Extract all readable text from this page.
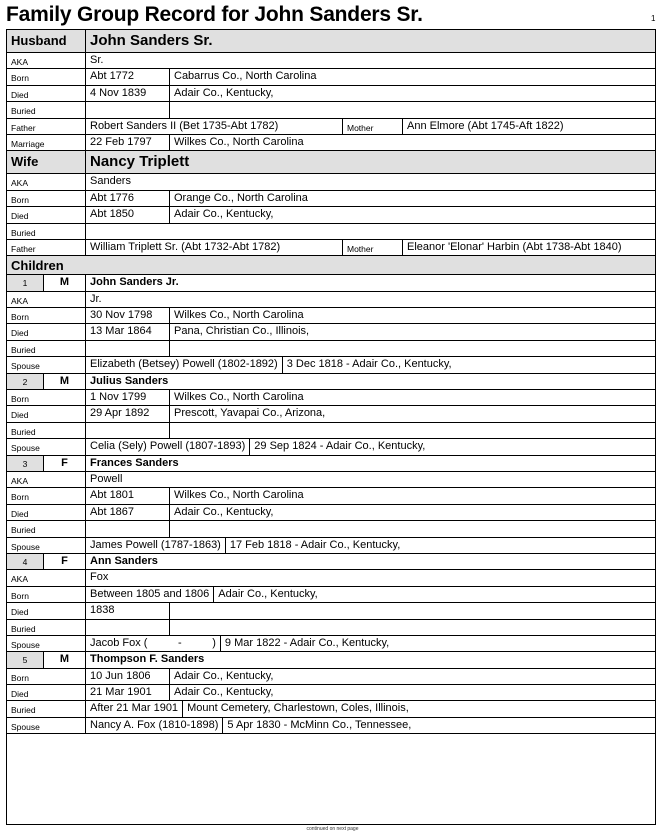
Family Group Record for John Sanders Sr.	1
Husband	John Sanders Sr.
AKA	Sr.
Born	Abt 1772	Cabarrus Co., North Carolina
Died	4 Nov 1839	Adair Co., Kentucky,
Buried
Father	Robert Sanders II (Bet 1735-Abt 1782)	Mother	Ann Elmore (Abt 1745-Aft 1822)
Marriage	22 Feb 1797	Wilkes Co., North Carolina
Wife	Nancy Triplett
AKA	Sanders
Born	Abt 1776	Orange Co., North Carolina
Died	Abt 1850	Adair Co., Kentucky,
Buried
Father	William Triplett Sr. (Abt 1732-Abt 1782)	Mother	Eleanor 'Elonar' Harbin (Abt 1738-Abt 1840)
Children
1	M	John Sanders Jr.
AKA	Jr.
Born	30 Nov 1798	Wilkes Co., North Carolina
Died	13 Mar 1864	Pana, Christian Co., Illinois,
Buried
Spouse	Elizabeth (Betsey) Powell (1802-1892) 3 Dec 1818 - Adair Co., Kentucky,
2	M	Julius Sanders
Born	1 Nov 1799	Wilkes Co., North Carolina
Died	29 Apr 1892	Prescott, Yavapai Co., Arizona,
Buried
Spouse	Celia (Sely) Powell (1807-1893) 29 Sep 1824 - Adair Co., Kentucky,
3	F	Frances Sanders
AKA	Powell
Born	Abt 1801	Wilkes Co., North Carolina
Died	Abt 1867	Adair Co., Kentucky,
Buried
Spouse	James Powell (1787-1863) 17 Feb 1818 - Adair Co., Kentucky,
4	F	Ann Sanders
AKA	Fox
Born	Between 1805 and 1806 Adair Co., Kentucky,
Died	1838
Buried
Spouse	Jacob Fox (          -          ) 9 Mar 1822 - Adair Co., Kentucky,
5	M	Thompson F. Sanders
Born	10 Jun 1806	Adair Co., Kentucky,
Died	21 Mar 1901	Adair Co., Kentucky,
Buried	After 21 Mar 1901 Mount Cemetery, Charlestown, Coles, Illinois,
Spouse	Nancy A. Fox (1810-1898) 5 Apr 1830 - McMinn Co., Tennessee,
continued on next page
